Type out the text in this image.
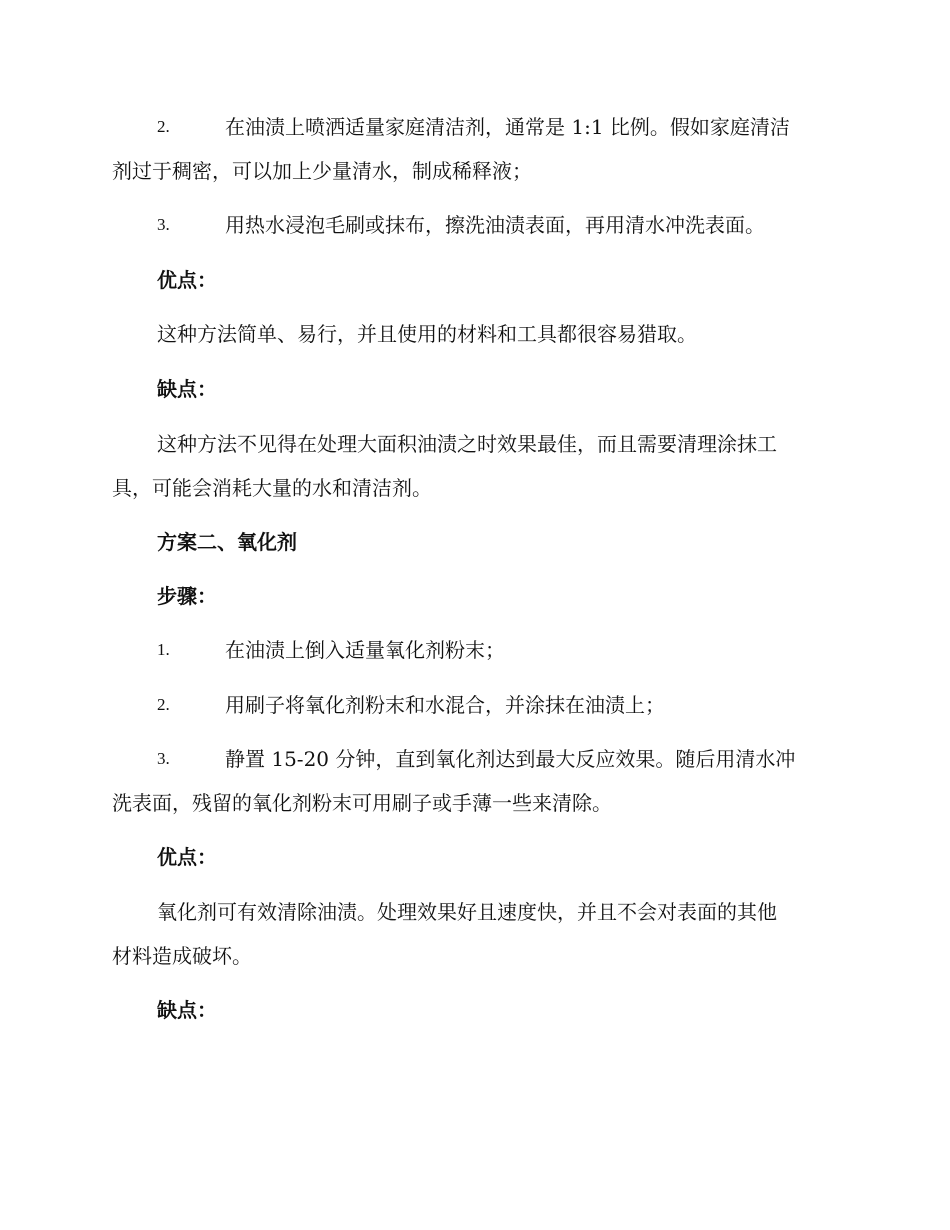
2.	在油渍上喷洒适量家庭清洁剂，通常是 1:1 比例。假如家庭清洁
剂过于稠密，可以加上少量清水，制成稀释液；
3.	用热水浸泡毛刷或抹布，擦洗油渍表面，再用清水冲洗表面。
优点：
这种方法简单、易行，并且使用的材料和工具都很容易猎取。
缺点：
这种方法不见得在处理大面积油渍之时效果最佳，而且需要清理涂抹工
具，可能会消耗大量的水和清洁剂。
方案二、氧化剂
步骤：
1.	在油渍上倒入适量氧化剂粉末；
2.	用刷子将氧化剂粉末和水混合，并涂抹在油渍上；
3.	静置 15-20 分钟，直到氧化剂达到最大反应效果。随后用清水冲
洗表面，残留的氧化剂粉末可用刷子或手薄一些来清除。
优点：
氧化剂可有效清除油渍。处理效果好且速度快，并且不会对表面的其他
材料造成破坏。
缺点：
